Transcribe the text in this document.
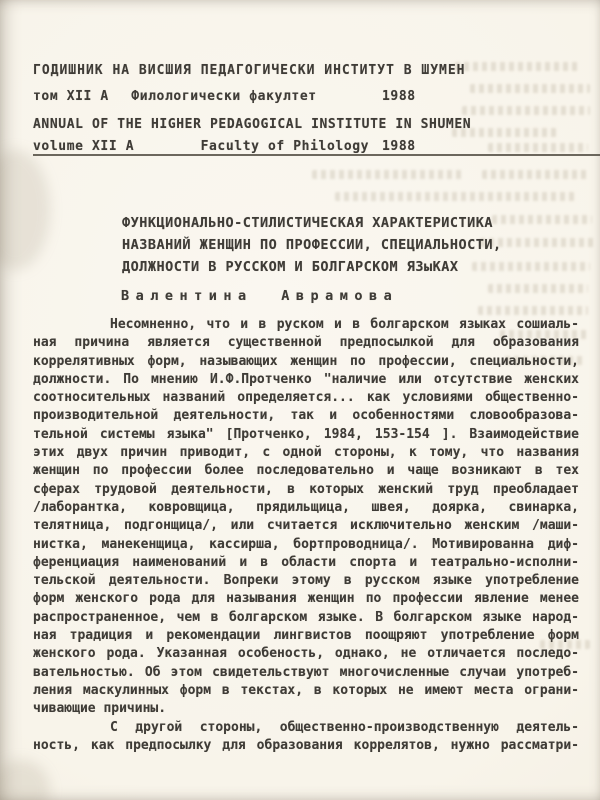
ГОДИШНИК НА ВИСШИЯ ПЕДАГОГИЧЕСКИ ИНСТИТУТ В ШУМЕН
том XII А Филологически факултет	1988
ANNUAL OF THE HIGHER PEDAGOGICAL INSTITUTE IN SHUMEN
volume XII A	Faculty of Philology 1988
ФУНКЦИОНАЛЬНО-СТИЛИСТИЧЕСКАЯ ХАРАКТЕРИСТИКА
НАЗВАНИЙ ЖЕНЩИН ПО ПРОФЕССИИ, СПЕЦИАЛЬНОСТИ,
ДОЛЖНОСТИ В РУССКОМ И БОЛГАРСКОМ ЯЗыКАХ
Валентина Аврамова
Несомненно, что и в руском и в болгарском языках сошиаль-
ная причина является существенной предпосылкой для образования
коррелятивных форм, называющих женщин по профессии, специальности,
должности. По мнению И.Ф.Протченко "наличие или отсутствие женских
соотносительных названий определяется... как условиями общественно-
производительной деятельности, так и особенностями словообразова-
тельной системы языка" [Протченко, 1984, 153-154 ]. Взаимодействие
этих двух причин приводит, с одной стороны, к тому, что названия
женщин по профессии более последовательно и чаще возникают в тех
сферах трудовой деятельности, в которых женский труд преобладает
/лаборантка, ковровщица, прядильщица, швея, доярка, свинарка,
телятница, подгонщица/, или считается исключительно женским /маши-
нистка, манекенщица, кассирша, бортпроводница/. Мотивированна диф-
ференциация наименований и в области спорта и театрально-исполни-
тельской деятельности. Вопреки этому в русском языке употребление
форм женского рода для называния женщин по профессии явление менее
распространенное, чем в болгарском языке. В болгарском языке народ-
ная традиция и рекомендации лингвистов поощряют употребление форм
женского рода. Указанная особеность, однако, не отличается последо-
вательностью. Об этом свидетельствуют многочисленные случаи употреб-
ления маскулинных форм в текстах, в которых не имеют места ограни-
чивающие причины.
С другой стороны, общественно-производственную деятель-
ность, как предпосылку для образования коррелятов, нужно рассматри-
